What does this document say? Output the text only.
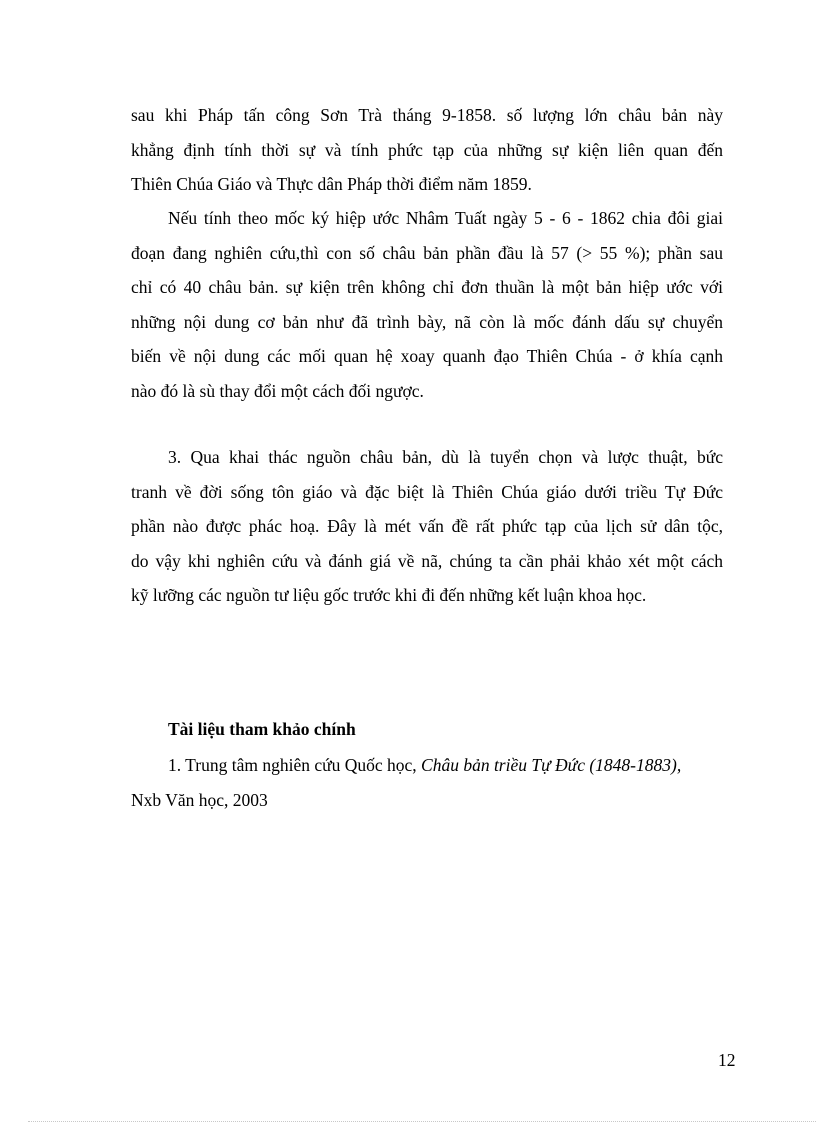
sau khi Pháp tấn công Sơn Trà tháng 9-1858. số lượng lớn châu bản này
khẳng định tính thời sự và tính phức tạp của những sự kiện liên quan đến
Thiên Chúa Giáo và Thực dân Pháp thời điểm năm 1859.
Nếu tính theo mốc ký hiệp ước Nhâm Tuất ngày 5 - 6 - 1862 chia đôi giai
đoạn đang nghiên cứu,thì con số châu bản phần đầu là 57 (> 55 %); phần sau
chỉ có 40 châu bản. sự kiện trên không chỉ đơn thuần là một bản hiệp ước với
những nội dung cơ bản như đã trình bày, nã còn là mốc đánh dấu sự chuyển
biến về nội dung các mối quan hệ xoay quanh đạo Thiên Chúa - ở khía cạnh
nào đó là sù thay đổi một cách đối ngược.
3. Qua khai thác nguồn châu bản, dù là tuyển chọn và lược thuật, bức
tranh về đời sống tôn giáo và đặc biệt là Thiên Chúa giáo dưới triều Tự Đức
phần nào được phác hoạ. Đây là mét vấn đề rất phức tạp của lịch sử dân tộc,
do vậy khi nghiên cứu và đánh giá về nã, chúng ta cần phải khảo xét một cách
kỹ lưỡng các nguồn tư liệu gốc trước khi đi đến những kết luận khoa học.

Tài liệu tham khảo chính

1. Trung tâm nghiên cứu Quốc học, Châu bản triều Tự Đức (1848-1883),
Nxb Văn học, 2003

12
